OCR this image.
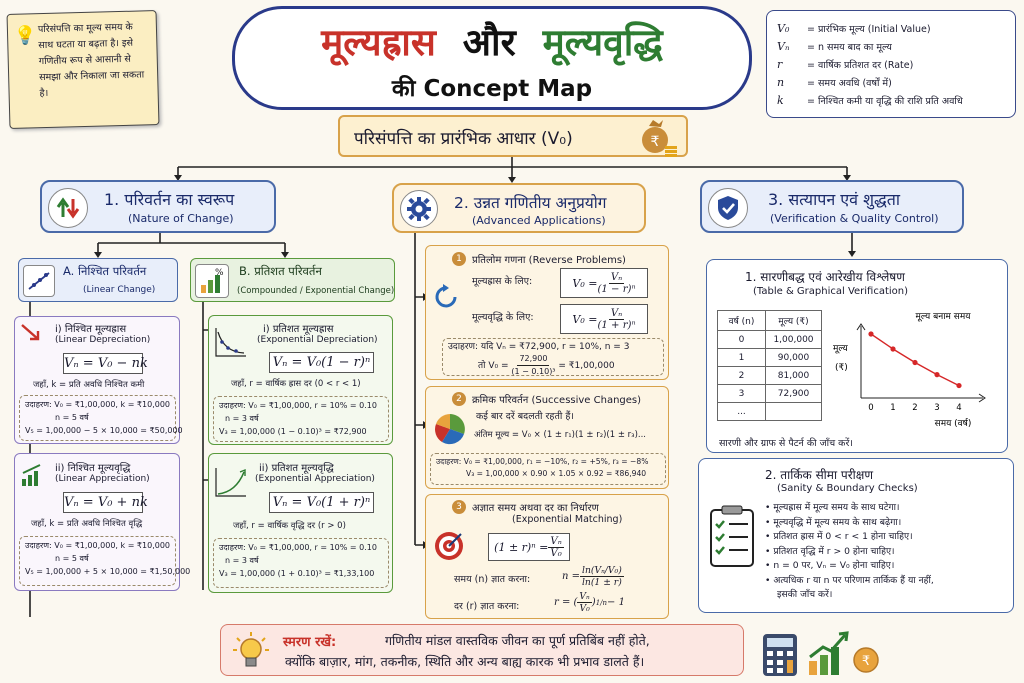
💡 परिसंपत्ति का मूल्य समय के साथ घटता या बढ़ता है। इसे गणितीय रूप से आसानी से समझा और निकाला जा सकता है।
मूल्यह्रास और मूल्यवृद्धि
की Concept Map
V₀	= प्रारंभिक मूल्य (Initial Value)
Vₙ	= n समय बाद का मूल्य
r	= वार्षिक प्रतिशत दर (Rate)
n	= समय अवधि (वर्षों में)
k	= निश्चित कमी या वृद्धि की राशि प्रति अवधि
परिसंपत्ति का प्रारंभिक आधार (V₀)	₹
1. परिवर्तन का स्वरूप
(Nature of Change)
A. निश्चित परिवर्तन
(Linear Change)
% B. प्रतिशत परिवर्तन
(Compounded / Exponential Change)
i) निश्चित मूल्यह्रास
(Linear Depreciation)
Vₙ = V₀ − nk
जहाँ, k = प्रति अवधि निश्चित कमी
उदाहरण: V₀ = ₹1,00,000, k = ₹10,000
n = 5 वर्ष
V₅ = 1,00,000 − 5 × 10,000 = ₹50,000
ii) निश्चित मूल्यवृद्धि
(Linear Appreciation)
Vₙ = V₀ + nk
जहाँ, k = प्रति अवधि निश्चित वृद्धि
उदाहरण: V₀ = ₹1,00,000, k = ₹10,000
n = 5 वर्ष
V₅ = 1,00,000 + 5 × 10,000 = ₹1,50,000
i) प्रतिशत मूल्यह्रास
(Exponential Depreciation)
Vₙ = V₀(1 − r)ⁿ
जहाँ, r = वार्षिक ह्रास दर (0 < r < 1)
उदाहरण: V₀ = ₹1,00,000, r = 10% = 0.10
n = 3 वर्ष
V₃ = 1,00,000 (1 − 0.10)³ = ₹72,900
ii) प्रतिशत मूल्यवृद्धि
(Exponential Appreciation)
Vₙ = V₀(1 + r)ⁿ
जहाँ, r = वार्षिक वृद्धि दर (r > 0)
उदाहरण: V₀ = ₹1,00,000, r = 10% = 0.10
n = 3 वर्ष
V₃ = 1,00,000 (1 + 0.10)³ = ₹1,33,100
2. उन्नत गणितीय अनुप्रयोग
(Advanced Applications)
1	प्रतिलोम गणना (Reverse Problems)
मूल्यह्रास के लिए:	$V_0 = \frac{\text{Vₙ}}{\text{(1 − r)ⁿ}}$
मूल्यवृद्धि के लिए:	$V_0 = \frac{\text{Vₙ}}{\text{(1 + r)ⁿ}}$
उदाहरण: यदि Vₙ = ₹72,900, r = 10%, n = 3
तो $V_0 = \frac{72,900}{\text{(1 − 0.10)³}}$ = ₹1,00,000
2	क्रमिक परिवर्तन (Successive Changes)
कई बार दरें बदलती रहती हैं।
अंतिम मूल्य = V₀ × (1 ± r₁)(1 ± r₂)(1 ± r₃)...
उदाहरण: V₀ = ₹1,00,000, r₁ = −10%, r₂ = +5%, r₃ = −8%
V₃ = 1,00,000 × 0.90 × 1.05 × 0.92 = ₹86,940
3	अज्ञात समय अथवा दर का निर्धारण
(Exponential Matching)
$(1 \pm r)^n = \frac{\text{Vₙ}}{\text{V₀}}$
समय (n) ज्ञात करना:	$n = \frac{\text{ln(Vₙ/V₀)}}{\ln(1 \pm r)}$
दर (r) ज्ञात करना:	r = ( $\frac{\text{Vₙ}}{\text{V₀}}$ ) 1/n − 1
3. सत्यापन एवं शुद्धता
(Verification & Quality Control)
1. सारणीबद्ध एवं आरेखीय विश्लेषण
(Table & Graphical Verification)
वर्ष (n)	मूल्य (₹)
0	1,00,000
1	90,000
2	81,000
3	72,900
...	
मूल्य बनाम समय
मूल्य
(₹)
0 1 2 3 4
समय (वर्ष)
सारणी और ग्राफ से पैटर्न की जाँच करें।
2. तार्किक सीमा परीक्षण
(Sanity & Boundary Checks)
• मूल्यह्रास में मूल्य समय के साथ घटेगा।
• मूल्यवृद्धि में मूल्य समय के साथ बढ़ेगा।
• प्रतिशत ह्रास में 0 < r < 1 होना चाहिए।
• प्रतिशत वृद्धि में r > 0 होना चाहिए।
• n = 0 पर, Vₙ = V₀ होना चाहिए।
• अत्यधिक r या n पर परिणाम तार्किक हैं या नहीं,
इसकी जाँच करें।
स्मरण रखें:	गणितीय मांडल वास्तविक जीवन का पूर्ण प्रतिबिंब नहीं होते,
क्योंकि बाज़ार, मांग, तकनीक, स्थिति और अन्य बाह्य कारक भी प्रभाव डालते हैं।	₹
